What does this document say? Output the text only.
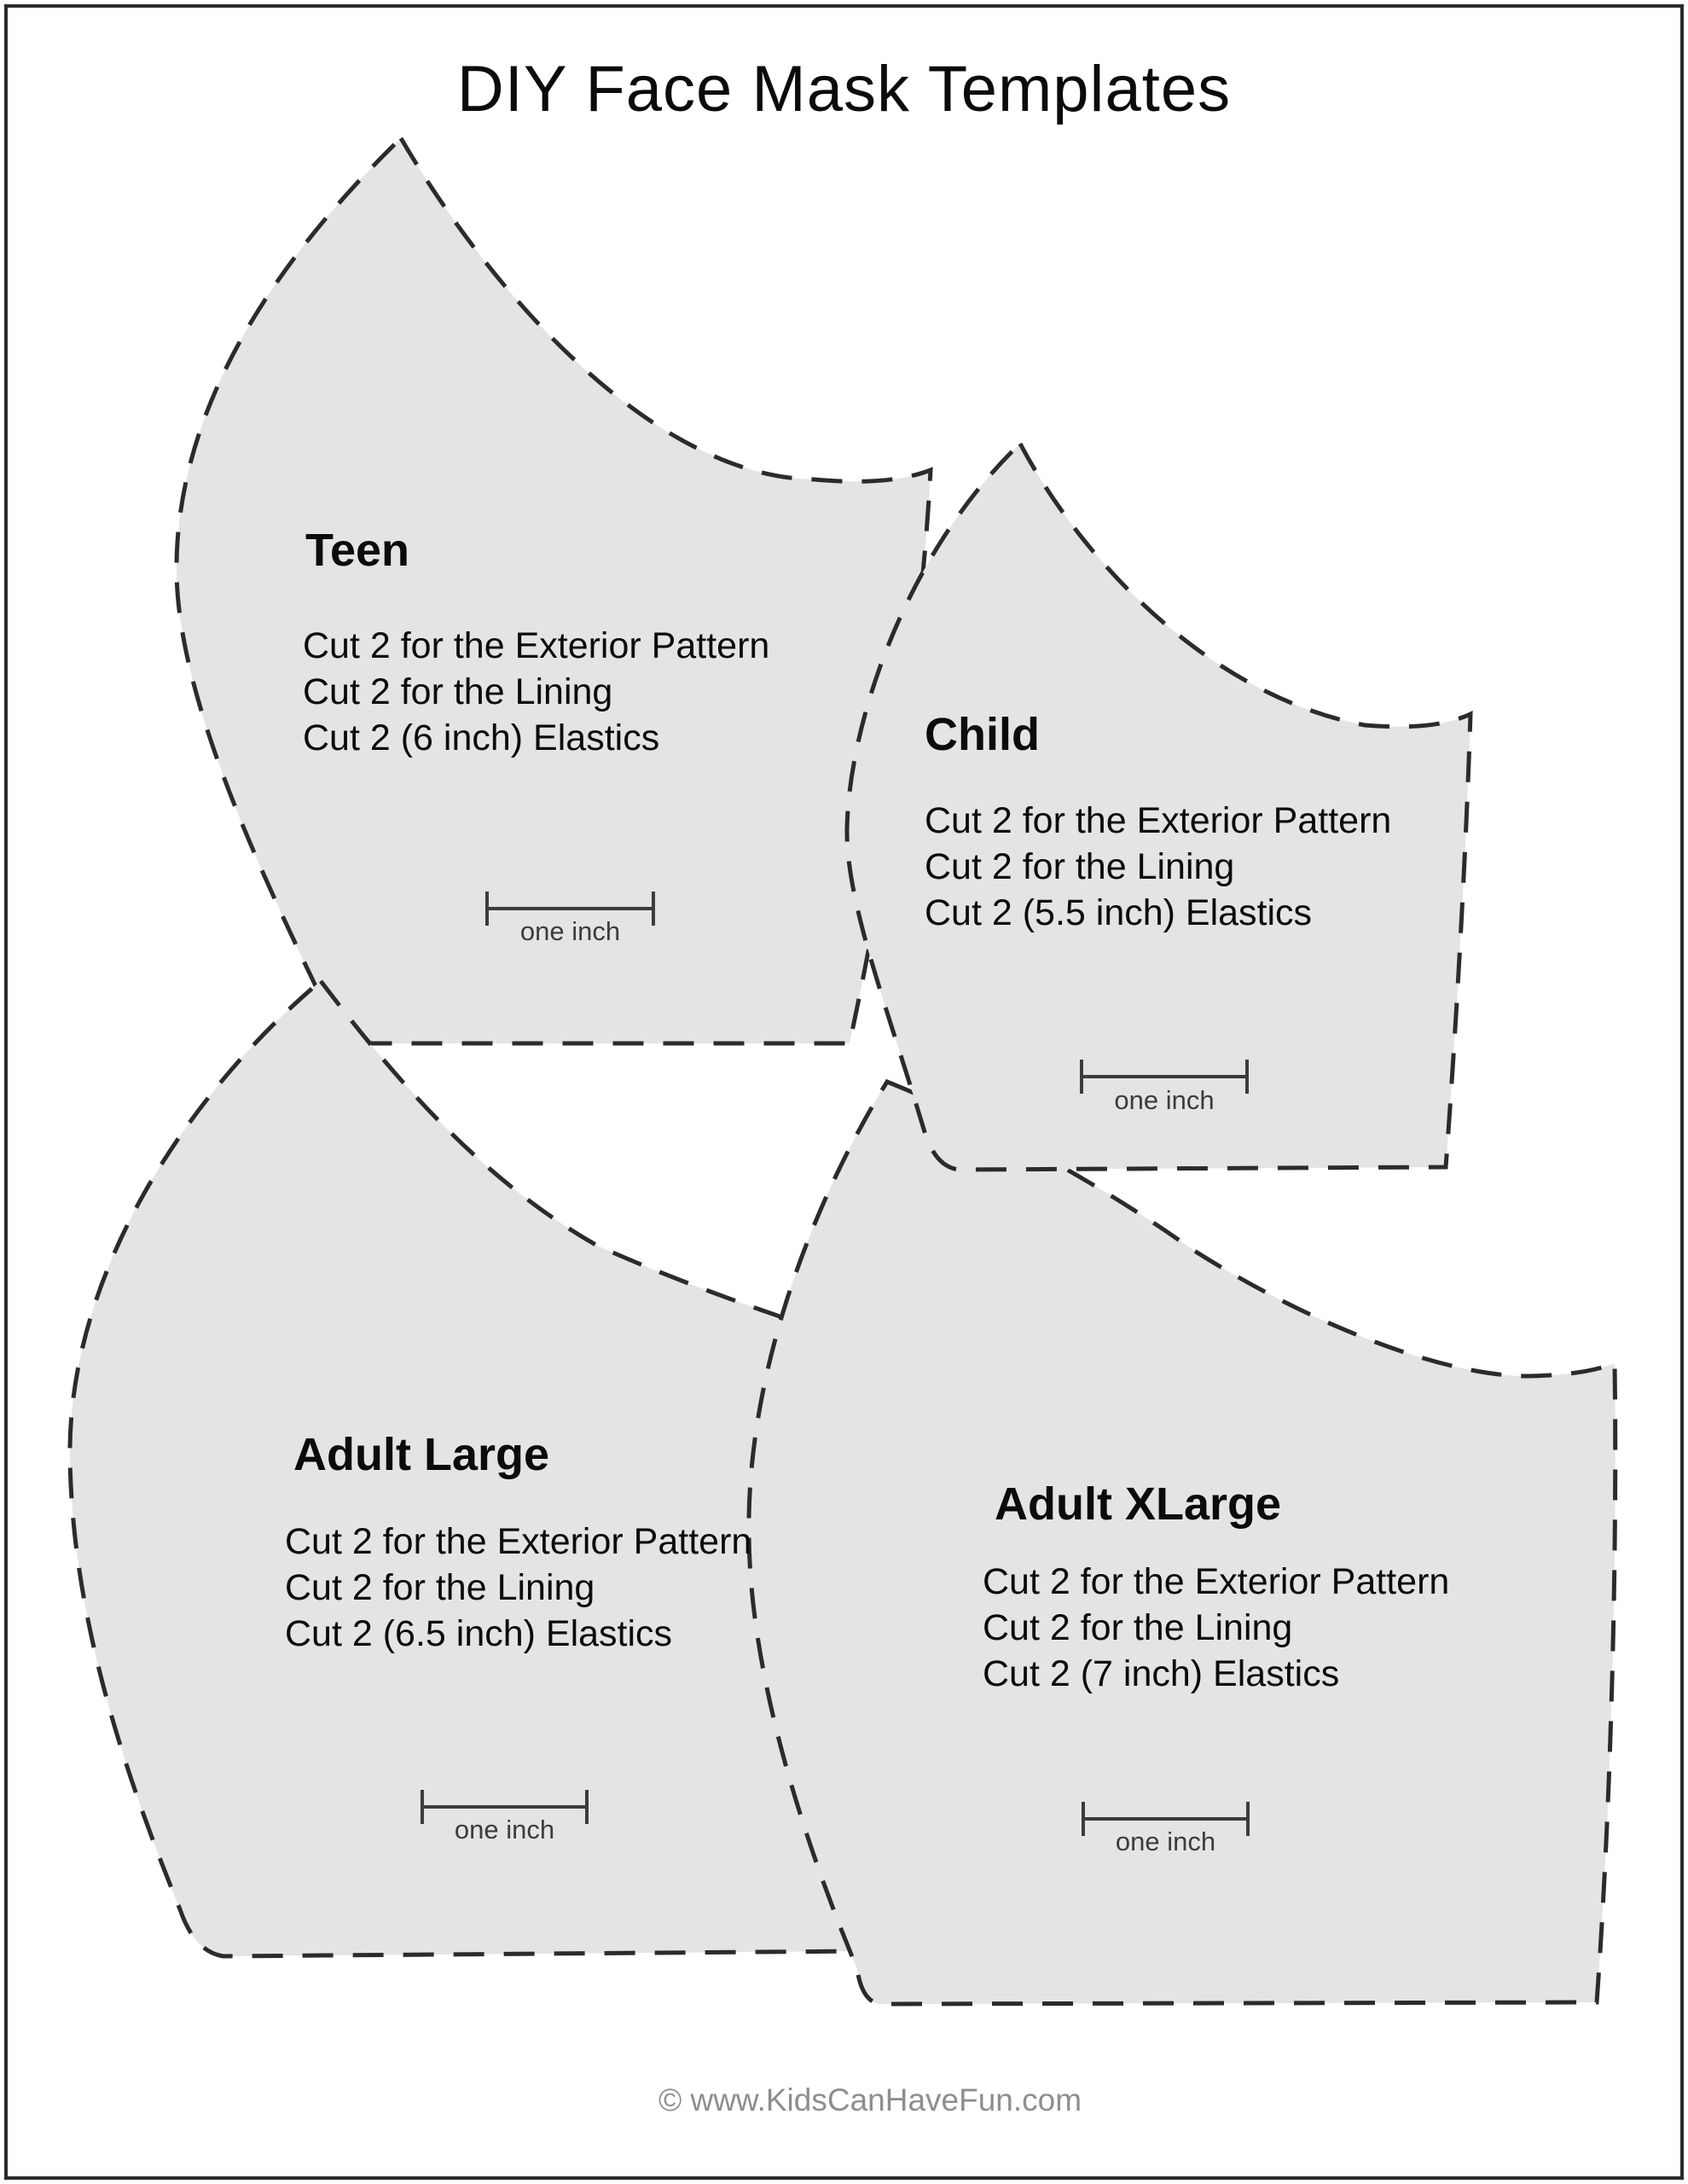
DIY Face Mask Templates
Teen
Cut 2 for the Exterior Pattern
Cut 2 for the Lining
Cut 2 (6 inch) Elastics
one inch
Adult Large
Cut 2 for the Exterior Pattern
Cut 2 for the Lining
Cut 2 (6.5 inch) Elastics
one inch
Adult XLarge
Cut 2 for the Exterior Pattern
Cut 2 for the Lining
Cut 2 (7 inch) Elastics
one inch
Child
Cut 2 for the Exterior Pattern
Cut 2 for the Lining
Cut 2 (5.5 inch) Elastics
one inch
© www.KidsCanHaveFun.com
